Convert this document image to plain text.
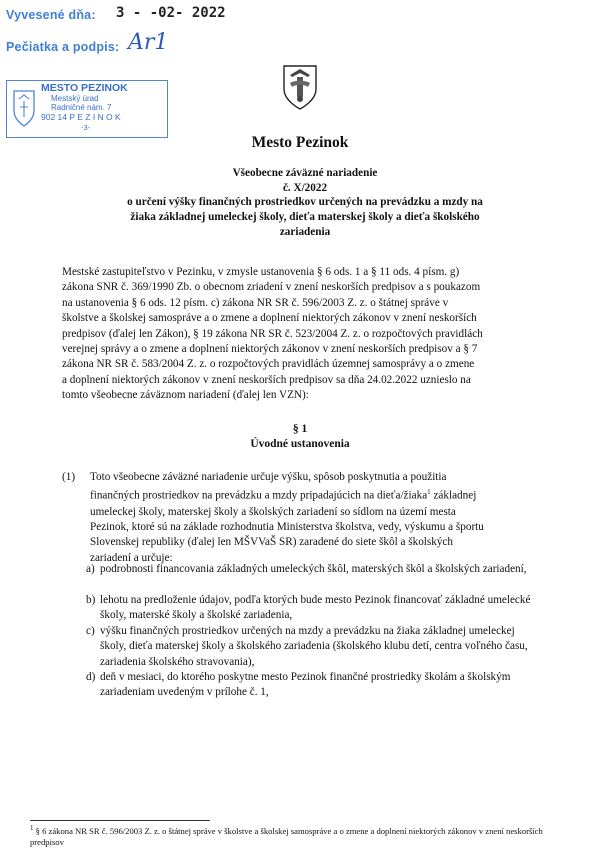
Vyvesené dňa: 3 - -02- 2022
Pečiatka a podpis: Ar1
MESTO PEZINOK
Mestský úrad
Radničné nám. 7
902 14 P E Z I N O K
-3-
Mesto Pezinok
Všeobecne záväzné nariadenie
č. X/2022
o určení výšky finančných prostriedkov určených na prevádzku a mzdy na
žiaka základnej umeleckej školy, dieťa materskej školy a dieťa školského
zariadenia
Mestské zastupiteľstvo v Pezinku, v zmysle ustanovenia § 6 ods. 1 a § 11 ods. 4 písm. g)
zákona SNR č. 369/1990 Zb. o obecnom zriadení v znení neskorších predpisov a s poukazom
na ustanovenia § 6 ods. 12 písm. c) zákona NR SR č. 596/2003 Z. z. o štátnej správe v
školstve a školskej samospráve a o zmene a doplnení niektorých zákonov v znení neskorších
predpisov (ďalej len Zákon), § 19 zákona NR SR č. 523/2004 Z. z. o rozpočtových pravidlách
verejnej správy a o zmene a doplnení niektorých zákonov v znení neskorších predpisov a § 7
zákona NR SR č. 583/2004 Z. z. o rozpočtových pravidlách územnej samosprávy a o zmene
a doplnení niektorých zákonov v znení neskorších predpisov sa dňa 24.02.2022 uznieslo na
tomto všeobecne záväznom nariadení (ďalej len VZN):
§ 1
Úvodné ustanovenia
(1) Toto všeobecne záväzné nariadenie určuje výšku, spôsob poskytnutia a použitia
finančných prostriedkov na prevádzku a mzdy pripadajúcich na dieťa/žiaka$^1$ základnej
umeleckej školy, materskej školy a školských zariadení so sídlom na území mesta
Pezinok, ktoré sú na základe rozhodnutia Ministerstva školstva, vedy, výskumu a športu
Slovenskej republiky (ďalej len MŠVVaŠ SR) zaradené do siete škôl a školských
zariadení a určuje:
a) podrobnosti financovania základných umeleckých škôl, materských škôl a školských zariadení,
b) lehotu na predloženie údajov, podľa ktorých bude mesto Pezinok financovať základné umelecké školy, materské školy a školské zariadenia,
c) výšku finančných prostriedkov určených na mzdy a prevádzku na žiaka základnej umeleckej školy, dieťa materskej školy a školského zariadenia (školského klubu detí, centra voľného času, zariadenia školského stravovania),
d) deň v mesiaci, do ktorého poskytne mesto Pezinok finančné prostriedky školám a školským zariadeniam uvedeným v prílohe č. 1,
$^1$ § 6 zákona NR SR č. 596/2003 Z. z. o štátnej správe v školstve a školskej samospráve a o zmene a doplnení niektorých zákonov v znení neskorších predpisov
